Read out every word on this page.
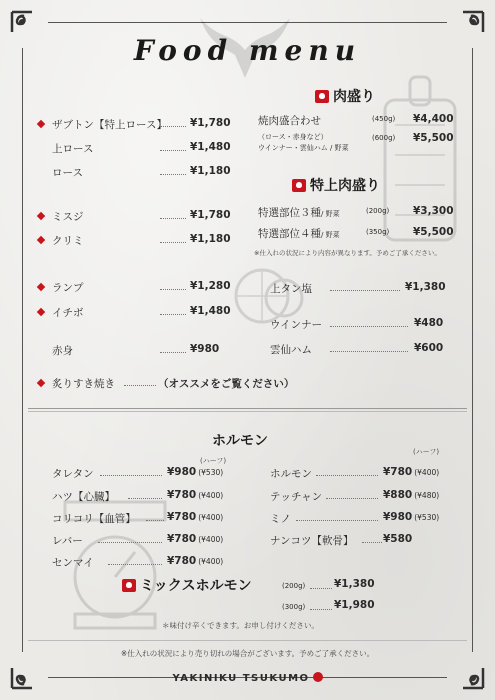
Food menu
ザブトン【特上ロース】 ¥1,780
上ロース	¥1,480
ロース	¥1,180
ミスジ	¥1,780
クリミ	¥1,180
ランプ	¥1,280
イチボ	¥1,480
赤身	¥980
炙りすき焼き	（オススメをご覧ください）
肉盛り
焼肉盛合わせ	(450g) ¥4,400
（ロース・赤身など）
ウインナー・雲仙ハム / 野菜
(600g) ¥5,500
特上肉盛り
特選部位３種/ 野菜	(200g) ¥3,300
特選部位４種/ 野菜	(350g) ¥5,500
※仕入れの状況により内容が異なります。予めご了承ください。
上タン塩	¥1,380
ウインナー	¥480
雲仙ハム	¥600
ホルモン
(ハーフ)
(ハーフ)
タレタン	¥980 (¥530)
ハツ【心臓】	¥780 (¥400)
コリコリ【血管】	¥780 (¥400)
レバー	¥780 (¥400)
センマイ	¥780 (¥400)
ホルモン	¥780 (¥400)
テッチャン	¥880 (¥480)
ミノ	¥980 (¥530)
ナンコツ【軟骨】	¥580
ミックスホルモン	(200g)	¥1,380
(300g)	¥1,980
＊味付け辛くできます。お申し付けください。
※仕入れの状況により売り切れの場合がございます。予めご了承ください。
YAKINIKU TSUKUMO
